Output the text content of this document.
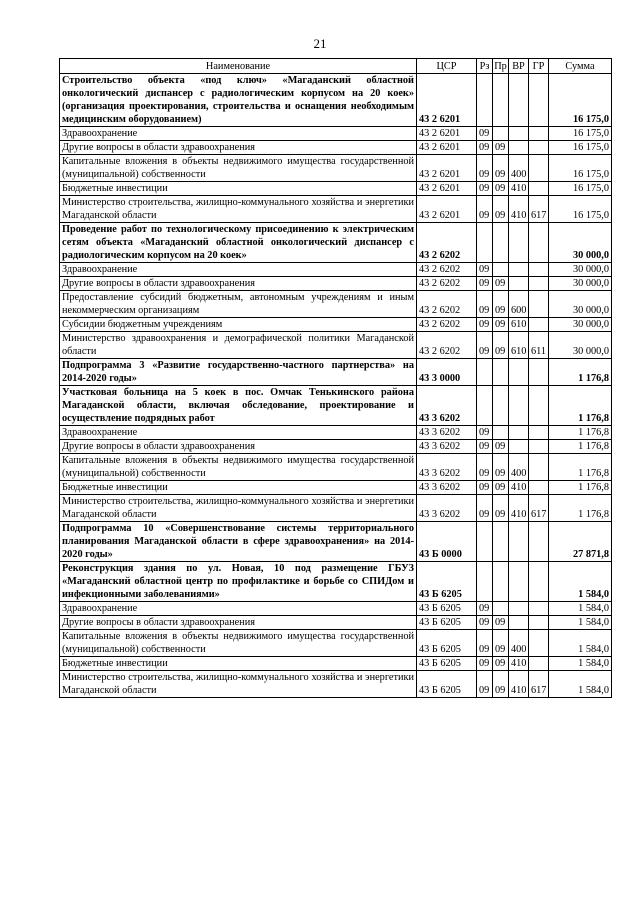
21
Наименование	ЦСР	Рз	Пр	ВР	ГР	Сумма
Строительство объекта «под ключ» «Магаданский областной онкологический диспансер с радиологическим корпусом на 20 коек» (организация проектирования, строительства и оснащения необходимым медицинским оборудованием)	43 2 6201					16 175,0
Здравоохранение	43 2 6201	09				16 175,0
Другие вопросы в области здравоохранения	43 2 6201	09	09			16 175,0
Капитальные вложения в объекты недвижимого имущества государственной (муниципальной) собственности	43 2 6201	09	09	400		16 175,0
Бюджетные инвестиции	43 2 6201	09	09	410		16 175,0
Министерство строительства, жилищно-коммунального хозяйства и энергетики Магаданской области	43 2 6201	09	09	410	617	16 175,0
Проведение работ по технологическому присоединению к электрическим сетям объекта «Магаданский областной онкологический диспансер с радиологическим корпусом на 20 коек»	43 2 6202					30 000,0
Здравоохранение	43 2 6202	09				30 000,0
Другие вопросы в области здравоохранения	43 2 6202	09	09			30 000,0
Предоставление субсидий бюджетным, автономным учреждениям и иным некоммерческим организациям	43 2 6202	09	09	600		30 000,0
Субсидии бюджетным учреждениям	43 2 6202	09	09	610		30 000,0
Министерство здравоохранения и демографической политики Магаданской области	43 2 6202	09	09	610	611	30 000,0
Подпрограмма 3 «Развитие государственно-частного партнерства» на 2014-2020 годы»	43 3 0000					1 176,8
Участковая больница на 5 коек в пос. Омчак Тенькинского района Магаданской области, включая обследование, проектирование и осуществление подрядных работ	43 3 6202					1 176,8
Здравоохранение	43 3 6202	09				1 176,8
Другие вопросы в области здравоохранения	43 3 6202	09	09			1 176,8
Капитальные вложения в объекты недвижимого имущества государственной (муниципальной) собственности	43 3 6202	09	09	400		1 176,8
Бюджетные инвестиции	43 3 6202	09	09	410		1 176,8
Министерство строительства, жилищно-коммунального хозяйства и энергетики Магаданской области	43 3 6202	09	09	410	617	1 176,8
Подпрограмма 10 «Совершенствование системы территориального планирования Магаданской области в сфере здравоохранения» на 2014-2020 годы»	43 Б 0000					27 871,8
Реконструкция здания по ул. Новая, 10 под размещение ГБУЗ «Магаданский областной центр по профилактике и борьбе со СПИДом и инфекционными заболеваниями»	43 Б 6205					1 584,0
Здравоохранение	43 Б 6205	09				1 584,0
Другие вопросы в области здравоохранения	43 Б 6205	09	09			1 584,0
Капитальные вложения в объекты недвижимого имущества государственной (муниципальной) собственности	43 Б 6205	09	09	400		1 584,0
Бюджетные инвестиции	43 Б 6205	09	09	410		1 584,0
Министерство строительства, жилищно-коммунального хозяйства и энергетики Магаданской области	43 Б 6205	09	09	410	617	1 584,0
